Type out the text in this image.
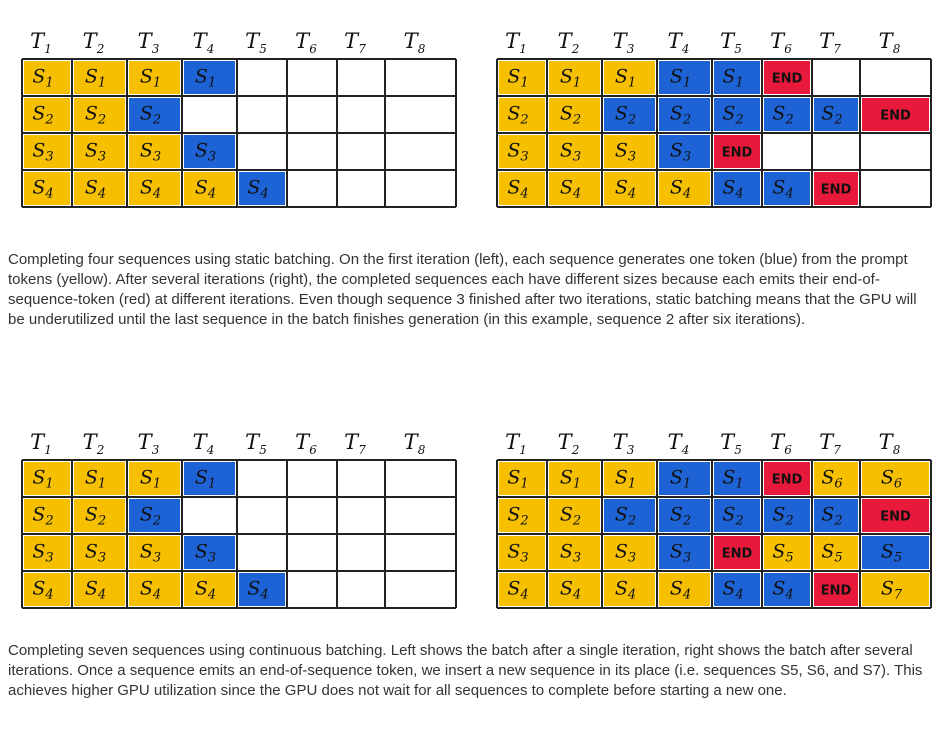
$T_1$ $T_2$ $T_3$ $T_4$ $T_5$ $T_6$ $T_7$ $T_8$
$S_1$ $S_1$ $S_1$ $S_1$
$S_2$ $S_2$ $S_2$
$S_3$ $S_3$ $S_3$ $S_3$
$S_4$ $S_4$ $S_4$ $S_4$ $S_4$
$T_1$ $T_2$ $T_3$ $T_4$ $T_5$ $T_6$ $T_7$ $T_8$
$S_1$ $S_1$ $S_1$ $S_1$ $S_1$ END
$S_2$ $S_2$ $S_2$ $S_2$ $S_2$ $S_2$ $S_2$	END
$S_3$ $S_3$ $S_3$ $S_3$ END
$S_4$ $S_4$ $S_4$ $S_4$ $S_4$ $S_4$ END

Completing four sequences using static batching. On the first iteration (left), each sequence generates one token (blue) from the prompt tokens (yellow). After several iterations (right), the completed sequences each have different sizes because each emits their end-of-sequence-token (red) at different iterations. Even though sequence 3 finished after two iterations, static batching means that the GPU will be underutilized until the last sequence in the batch finishes generation (in this example, sequence 2 after six iterations).

$T_1$ $T_2$ $T_3$ $T_4$ $T_5$ $T_6$ $T_7$ $T_8$
$S_1$ $S_1$ $S_1$ $S_1$
$S_2$ $S_2$ $S_2$
$S_3$ $S_3$ $S_3$ $S_3$
$S_4$ $S_4$ $S_4$ $S_4$ $S_4$
$T_1$ $T_2$ $T_3$ $T_4$ $T_5$ $T_6$ $T_7$ $T_8$
$S_1$ $S_1$ $S_1$ $S_1$ $S_1$ END $S_6$ $S_6$
$S_2$ $S_2$ $S_2$ $S_2$ $S_2$ $S_2$ $S_2$	END
$S_3$ $S_3$ $S_3$ $S_3$ END $S_5$ $S_5$ $S_5$
$S_4$ $S_4$ $S_4$ $S_4$ $S_4$ $S_4$ END $S_7$

Completing seven sequences using continuous batching. Left shows the batch after a single iteration, right shows the batch after several iterations. Once a sequence emits an end-of-sequence token, we insert a new sequence in its place (i.e. sequences S5, S6, and S7). This achieves higher GPU utilization since the GPU does not wait for all sequences to complete before starting a new one.
